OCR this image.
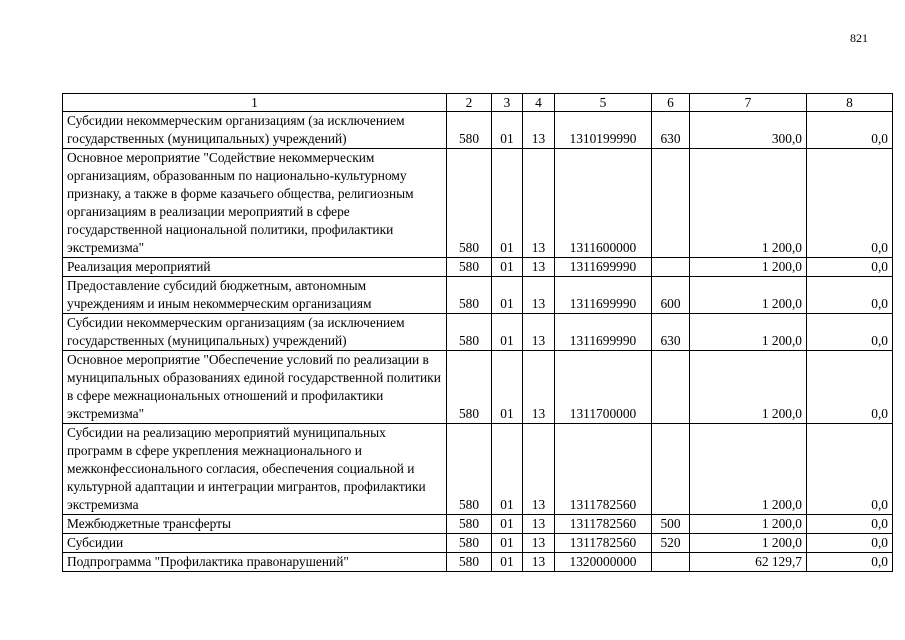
821
1	2	3	4	5	6	7	8
Субсидии некоммерческим организациям (за исключением государственных (муниципальных) учреждений)	580	01	13	1310199990	630	300,0	0,0
Основное мероприятие "Содействие некоммерческим организациям, образованным по национально-культурному признаку, а также в форме казачьего общества, религиозным организациям в реализации мероприятий в сфере государственной национальной политики, профилактики экстремизма"	580	01	13	1311600000		1 200,0	0,0
Реализация мероприятий	580	01	13	1311699990		1 200,0	0,0
Предоставление субсидий бюджетным, автономным учреждениям и иным некоммерческим организациям	580	01	13	1311699990	600	1 200,0	0,0
Субсидии некоммерческим организациям (за исключением государственных (муниципальных) учреждений)	580	01	13	1311699990	630	1 200,0	0,0
Основное мероприятие "Обеспечение условий по реализации в муниципальных образованиях единой государственной политики в сфере межнациональных отношений и профилактики экстремизма"	580	01	13	1311700000		1 200,0	0,0
Субсидии на реализацию мероприятий муниципальных программ в сфере укрепления межнационального и межконфессионального согласия, обеспечения социальной и культурной адаптации и интеграции мигрантов, профилактики экстремизма	580	01	13	1311782560		1 200,0	0,0
Межбюджетные трансферты	580	01	13	1311782560	500	1 200,0	0,0
Субсидии	580	01	13	1311782560	520	1 200,0	0,0
Подпрограмма "Профилактика правонарушений"	580	01	13	1320000000		62 129,7	0,0
